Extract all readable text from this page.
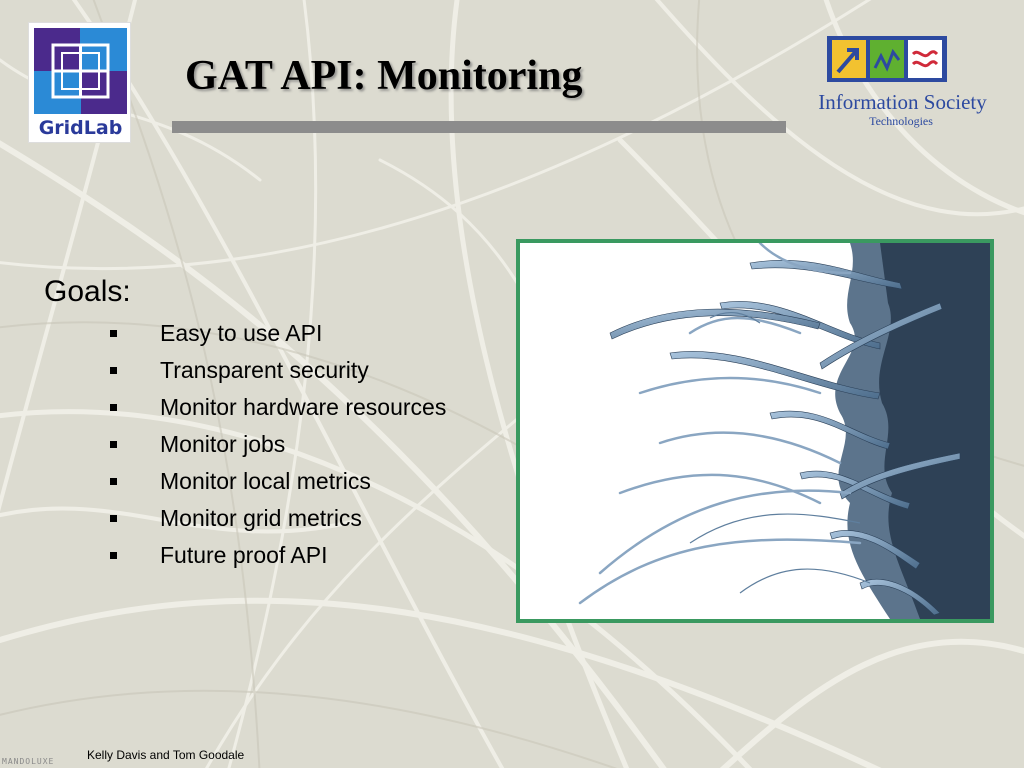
GridLab
GAT API: Monitoring
Information Society
Technologies
Goals:
Easy to use API
Transparent security
Monitor hardware resources
Monitor jobs
Monitor local metrics
Monitor grid metrics
Future proof API
Kelly Davis and Tom Goodale
MANDOLUXE
